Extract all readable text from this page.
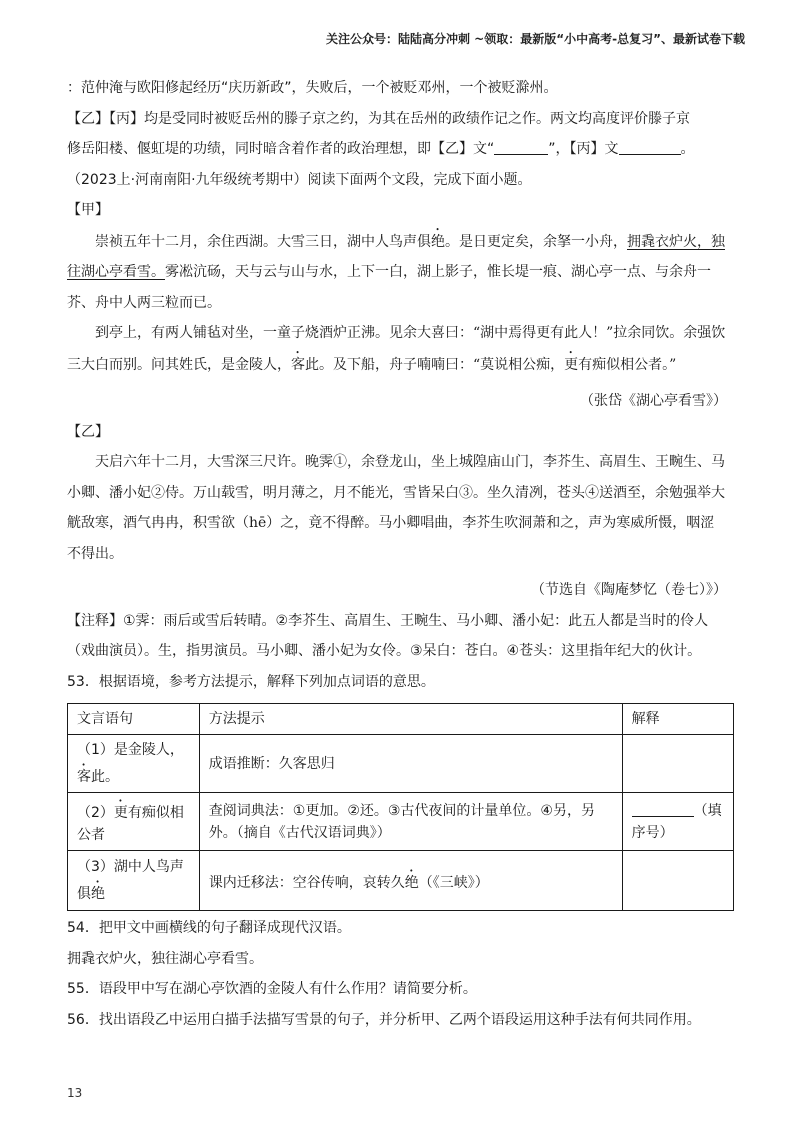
关注公众号：陆陆高分冲刺 ~领取：最新版“小中高考-总复习”、最新试卷下载

：范仲淹与欧阳修起经历“庆历新政”，失败后，一个被贬邓州，一个被贬滁州。

【乙】【丙】均是受同时被贬岳州的滕子京之约，为其在岳州的政绩作记之作。两文均高度评价滕子京

修岳阳楼、偃虹堤的功绩，同时暗含着作者的政治理想，即【乙】文“	”，【丙】文	。

（2023上·河南南阳·九年级统考期中）阅读下面两个文段，完成下面小题。

【甲】

崇祯五年十二月，余住西湖。大雪三日，湖中人鸟声俱绝。是日更定矣，余拏一小舟，拥毳衣炉火，独往湖心亭看雪。雾凇沆砀，天与云与山与水，上下一白，湖上影子，惟长堤一痕、湖心亭一点、与余舟一芥、舟中人两三粒而已。

到亭上，有两人铺毡对坐，一童子烧酒炉正沸。见余大喜曰：“湖中焉得更有此人！”拉余同饮。余强饮三大白而别。问其姓氏，是金陵人，客此。及下船，舟子喃喃曰：“莫说相公痴，更有痴似相公者。”

（张岱《湖心亭看雪》）

【乙】

天启六年十二月，大雪深三尺许。晚霁①，余登龙山，坐上城隍庙山门，李芥生、高眉生、王畹生、马小卿、潘小妃②侍。万山载雪，明月薄之，月不能光，雪皆呆白③。坐久清冽，苍头④送酒至，余勉强举大觥敌寒，酒气冉冉，积雪欲（hē）之，竟不得醉。马小卿唱曲，李芥生吹洞萧和之，声为寒威所慑，咽涩不得出。

（节选自《陶庵梦忆（卷七）》）

【注释】①霁：雨后或雪后转晴。②李芥生、高眉生、王畹生、马小卿、潘小妃：此五人都是当时的伶人（戏曲演员）。生，指男演员。马小卿、潘小妃为女伶。③呆白：苍白。④苍头：这里指年纪大的伙计。

53．根据语境，参考方法提示，解释下列加点词语的意思。

文言语句	方法提示	解释
（1）是金陵人，客此。	成语推断：久客思归	
（2）更有痴似相公者	查阅词典法：①更加。②还。③古代夜间的计量单位。④另，另外。（摘自《古代汉语词典》）	（填序号）
（3）湖中人鸟声俱绝	课内迁移法：空谷传响，哀转久绝（《三峡》）	

54．把甲文中画横线的句子翻译成现代汉语。

拥毳衣炉火，独往湖心亭看雪。

55．语段甲中写在湖心亭饮酒的金陵人有什么作用？请简要分析。

56．找出语段乙中运用白描手法描写雪景的句子，并分析甲、乙两个语段运用这种手法有何共同作用。

13
